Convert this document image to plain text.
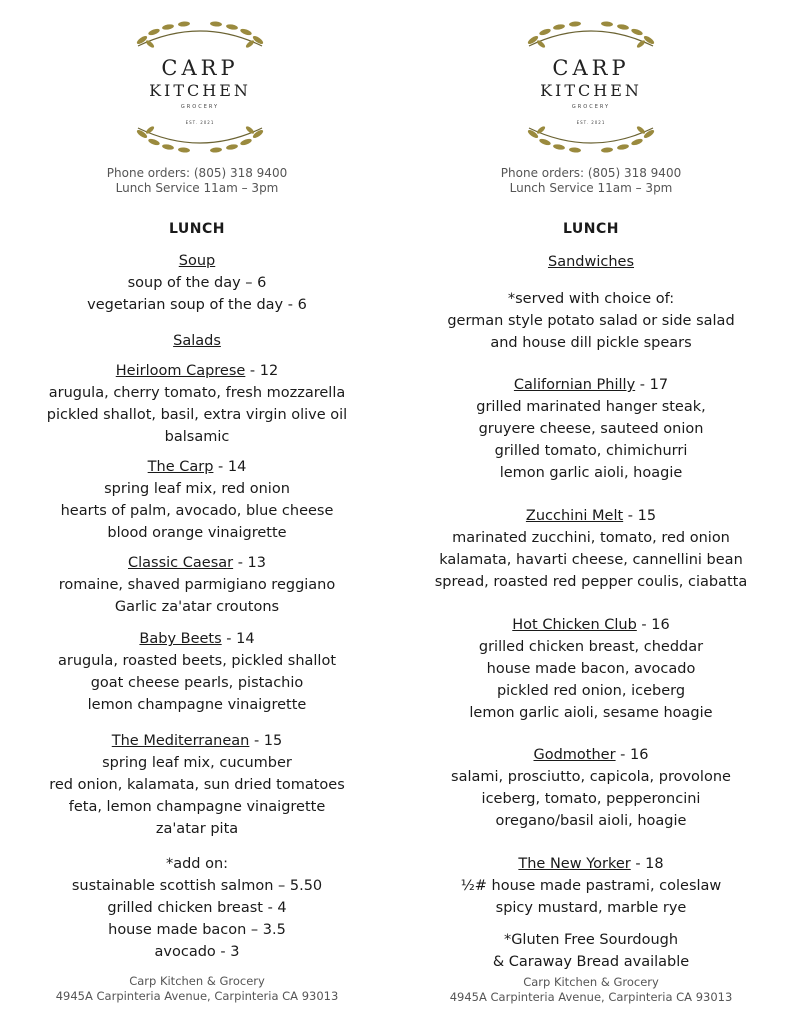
CARP
KITCHEN
GROCERY
EST. 2021
Phone orders: (805) 318 9400
Lunch Service 11am – 3pm
LUNCH
Soup
soup of the day – 6
vegetarian soup of the day - 6
Salads
Heirloom Caprese - 12
arugula, cherry tomato, fresh mozzarella
pickled shallot, basil, extra virgin olive oil
balsamic
The Carp - 14
spring leaf mix, red onion
hearts of palm, avocado, blue cheese
blood orange vinaigrette
Classic Caesar - 13
romaine, shaved parmigiano reggiano
Garlic za'atar croutons
Baby Beets - 14
arugula, roasted beets, pickled shallot
goat cheese pearls, pistachio
lemon champagne vinaigrette
The Mediterranean - 15
spring leaf mix, cucumber
red onion, kalamata, sun dried tomatoes
feta, lemon champagne vinaigrette
za'atar pita
*add on:
sustainable scottish salmon – 5.50
grilled chicken breast - 4
house made bacon – 3.5
avocado - 3
Carp Kitchen & Grocery
4945A Carpinteria Avenue, Carpinteria CA 93013
CARP
KITCHEN
GROCERY
EST. 2021
Phone orders: (805) 318 9400
Lunch Service 11am – 3pm
LUNCH
Sandwiches
*served with choice of:
german style potato salad or side salad
and house dill pickle spears
Californian Philly - 17
grilled marinated hanger steak,
gruyere cheese, sauteed onion
grilled tomato, chimichurri
lemon garlic aioli, hoagie
Zucchini Melt - 15
marinated zucchini, tomato, red onion
kalamata, havarti cheese, cannellini bean
spread, roasted red pepper coulis, ciabatta
Hot Chicken Club - 16
grilled chicken breast, cheddar
house made bacon, avocado
pickled red onion, iceberg
lemon garlic aioli, sesame hoagie
Godmother - 16
salami, prosciutto, capicola, provolone
iceberg, tomato, pepperoncini
oregano/basil aioli, hoagie
The New Yorker - 18
½# house made pastrami, coleslaw
spicy mustard, marble rye
*Gluten Free Sourdough
& Caraway Bread available
Carp Kitchen & Grocery
4945A Carpinteria Avenue, Carpinteria CA 93013
